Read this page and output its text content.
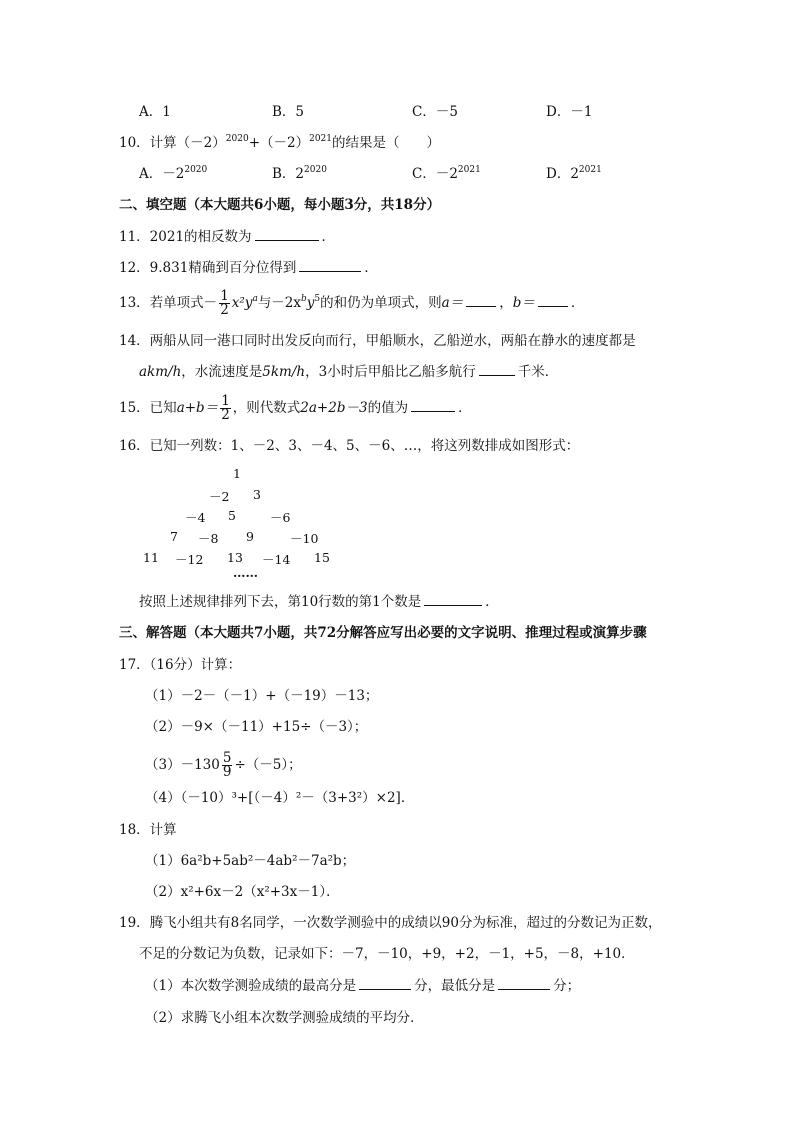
A．1	B．5	C．－5	D．－1
10．计算$(-2)^{2020}+(-2)^{2021}$的结果是（　　）
A．$-2^{2020}$	B．$2^{2020}$	C．$-2^{2021}$	D．$2^{2021}$
二、填空题（本大题共6小题，每小题3分，共18分）
11．2021的相反数为	．
12．9.831精确到百分位得到	．
13．若单项式－ $\frac{1}{2} x^2y^a$与$-2x^by^5$的和仍为单项式，则a＝	，b＝	．
14．两船从同一港口同时出发反向而行，甲船顺水，乙船逆水，两船在静水的速度都是
akm/h，水流速度是5km/h，3小时后甲船比乙船多航行	千米．
15．已知$a+b= \frac{1}{2}$ ，则代数式2a+2b－3的值为	．
16．已知一列数：1、－2、3、－4、5、－6、…，将这列数排成如图形式：
1
－2 3
－4 5	－6
7 －8 9	－10
11 －12 13 －14 15
……
按照上述规律排列下去，第10行数的第1个数是	．
三、解答题（本大题共7小题，共72分解答应写出必要的文字说明、推理过程或演算步骤
17．（16分）计算：
（1）－2－（－1）+（－19）－13；
（2）－9×（－11）+15÷（－3）；
$(3)-130 \frac{5}{9} \div(-5)$；
（4）（－10）³+[（－4）²－（3+3²）×2]．
18．计算
（1）6a²b+5ab²－4ab²－7a²b；
（2）x²+6x－2（x²+3x－1）．
19．腾飞小组共有8名同学，一次数学测验中的成绩以90分为标准，超过的分数记为正数，
不足的分数记为负数，记录如下：－7，－10，+9，+2，－1，+5，－8，+10．
（1）本次数学测验成绩的最高分是	分，最低分是	分；
（2）求腾飞小组本次数学测验成绩的平均分．
